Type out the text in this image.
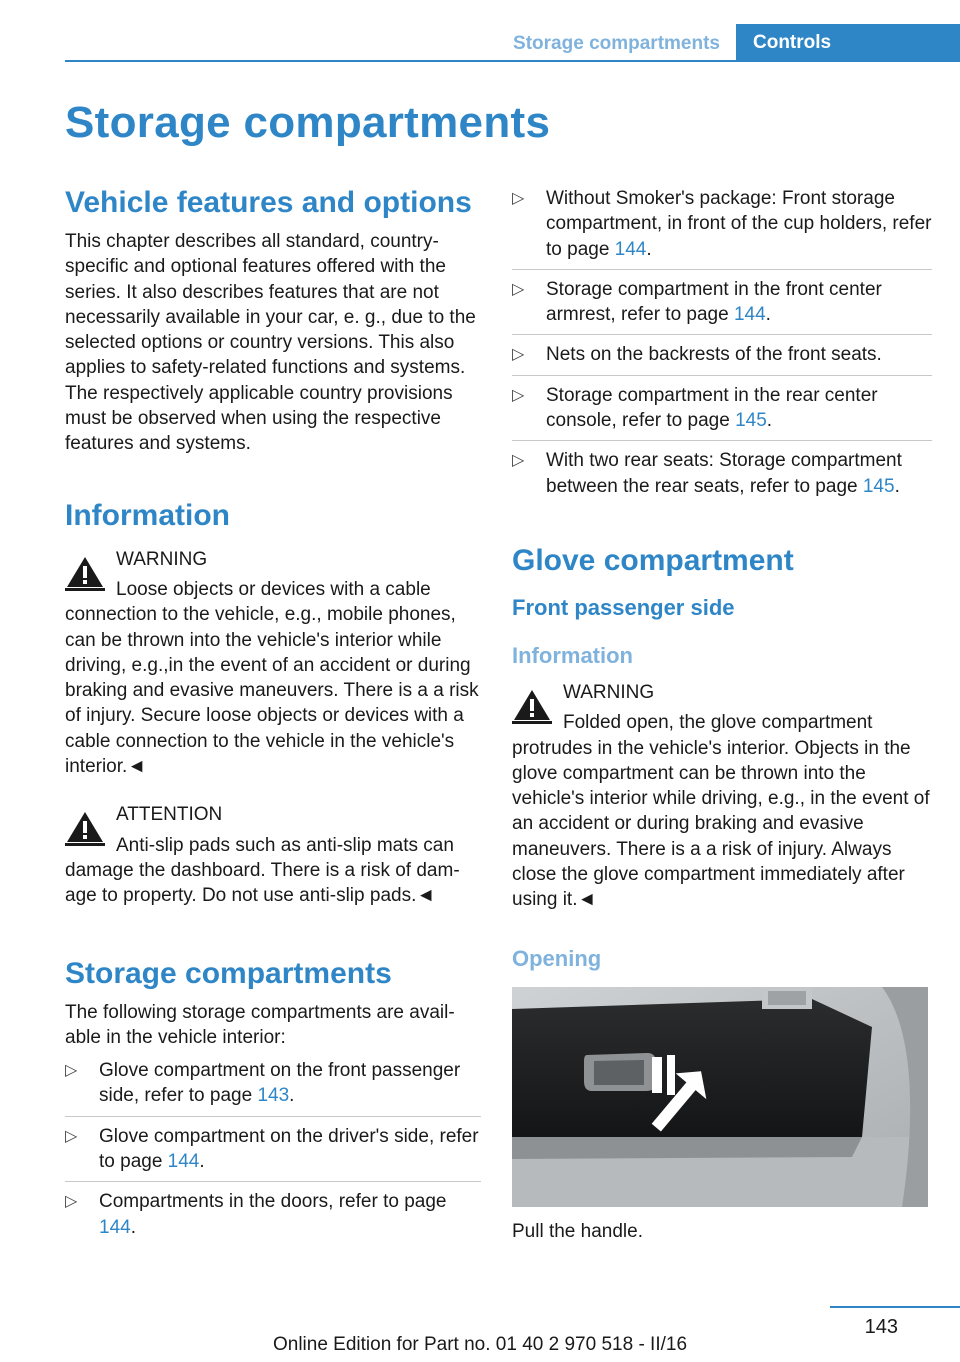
Storage compartments	Controls
Storage compartments
Vehicle features and options

This chapter describes all standard, country-specific and optional features offered with the series. It also describes features that are not necessarily available in your car, e. g., due to the selected options or country versions. This also applies to safety-related functions and systems. The respectively applicable country provisions must be observed when using the respective features and systems.

Information
WARNING
Loose objects or devices with a cable connection to the vehicle, e.g., mobile phones, can be thrown into the vehicle's interior while driving, e.g.,in the event of an accident or during braking and evasive maneuvers. There is a a risk of injury. Secure loose objects or devices with a cable connection to the vehicle in the vehicle's interior.◄
ATTENTION
Anti-slip pads such as anti-slip mats can damage the dashboard. There is a risk of damage to property. Do not use anti-slip pads.◄
Storage compartments

The following storage compartments are available in the vehicle interior:

▷ Glove compartment on the front passenger side, refer to page 143.
▷ Glove compartment on the driver's side, refer to page 144.
▷ Compartments in the doors, refer to page 144.
▷ Without Smoker's package: Front storage compartment, in front of the cup holders, refer to page 144.
▷ Storage compartment in the front center armrest, refer to page 144.
▷ Nets on the backrests of the front seats.
▷ Storage compartment in the rear center console, refer to page 145.
▷ With two rear seats: Storage compartment between the rear seats, refer to page 145.
Glove compartment
Front passenger side
Information
WARNING
Folded open, the glove compartment protrudes in the vehicle's interior. Objects in the glove compartment can be thrown into the vehicle's interior while driving, e.g., in the event of an accident or during braking and evasive maneuvers. There is a a risk of injury. Always close the glove compartment immediately after using it.◄
Opening

Pull the handle.

143
Online Edition for Part no. 01 40 2 970 518 - II/16
